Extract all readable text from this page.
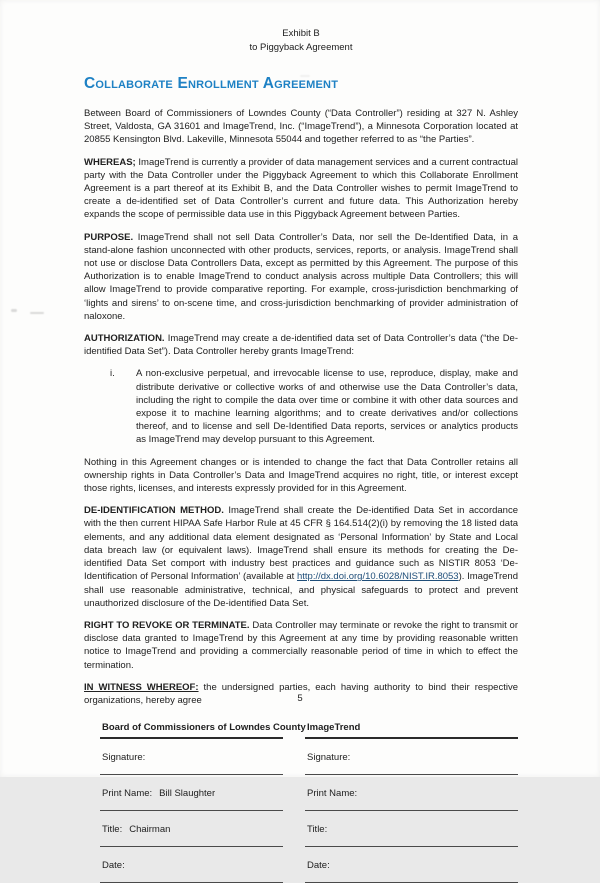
Exhibit B
to Piggyback Agreement
Collaborate Enrollment Agreement

Between Board of Commissioners of Lowndes County (“Data Controller”) residing at 327 N. Ashley Street, Valdosta, GA 31601 and ImageTrend, Inc. (“ImageTrend”), a Minnesota Corporation located at 20855 Kensington Blvd. Lakeville, Minnesota 55044 and together referred to as “the Parties”.

WHEREAS; ImageTrend is currently a provider of data management services and a current contractual party with the Data Controller under the Piggyback Agreement to which this Collaborate Enrollment Agreement is a part thereof at its Exhibit B, and the Data Controller wishes to permit ImageTrend to create a de-identified set of Data Controller’s current and future data. This Authorization hereby expands the scope of permissible data use in this Piggyback Agreement between Parties.

PURPOSE. ImageTrend shall not sell Data Controller’s Data, nor sell the De-Identified Data, in a stand-alone fashion unconnected with other products, services, reports, or analysis. ImageTrend shall not use or disclose Data Controllers Data, except as permitted by this Agreement. The purpose of this Authorization is to enable ImageTrend to conduct analysis across multiple Data Controllers; this will allow ImageTrend to provide comparative reporting. For example, cross-jurisdiction benchmarking of ‘lights and sirens’ to on-scene time, and cross-jurisdiction benchmarking of provider administration of naloxone.

AUTHORIZATION. ImageTrend may create a de-identified data set of Data Controller’s data (“the De-identified Data Set”). Data Controller hereby grants ImageTrend:

i.	A non-exclusive perpetual, and irrevocable license to use, reproduce, display, make and distribute derivative or collective works of and otherwise use the Data Controller’s data, including the right to compile the data over time or combine it with other data sources and expose it to machine learning algorithms; and to create derivatives and/or collections thereof, and to license and sell De-Identified Data reports, services or analytics products as ImageTrend may develop pursuant to this Agreement.

Nothing in this Agreement changes or is intended to change the fact that Data Controller retains all ownership rights in Data Controller’s Data and ImageTrend acquires no right, title, or interest except those rights, licenses, and interests expressly provided for in this Agreement.

DE-IDENTIFICATION METHOD. ImageTrend shall create the De-identified Data Set in accordance with the then current HIPAA Safe Harbor Rule at 45 CFR § 164.514(2)(i) by removing the 18 listed data elements, and any additional data element designated as ‘Personal Information’ by State and Local data breach law (or equivalent laws). ImageTrend shall ensure its methods for creating the De-identified Data Set comport with industry best practices and guidance such as NISTIR 8053 ‘De-Identification of Personal Information’ (available at http://dx.doi.org/10.6028/NIST.IR.8053). ImageTrend shall use reasonable administrative, technical, and physical safeguards to protect and prevent unauthorized disclosure of the De-identified Data Set.

RIGHT TO REVOKE OR TERMINATE. Data Controller may terminate or revoke the right to transmit or disclose data granted to ImageTrend by this Agreement at any time by providing reasonable written notice to ImageTrend and providing a commercially reasonable period of time in which to effect the termination.

IN WITNESS WHEREOF: the undersigned parties, each having authority to bind their respective organizations, hereby agree

Board of Commissioners of Lowndes County
Signature:
Print Name: Bill Slaughter
Title: Chairman
Date:
ImageTrend
Signature:
Print Name:
Title:
Date:
5
